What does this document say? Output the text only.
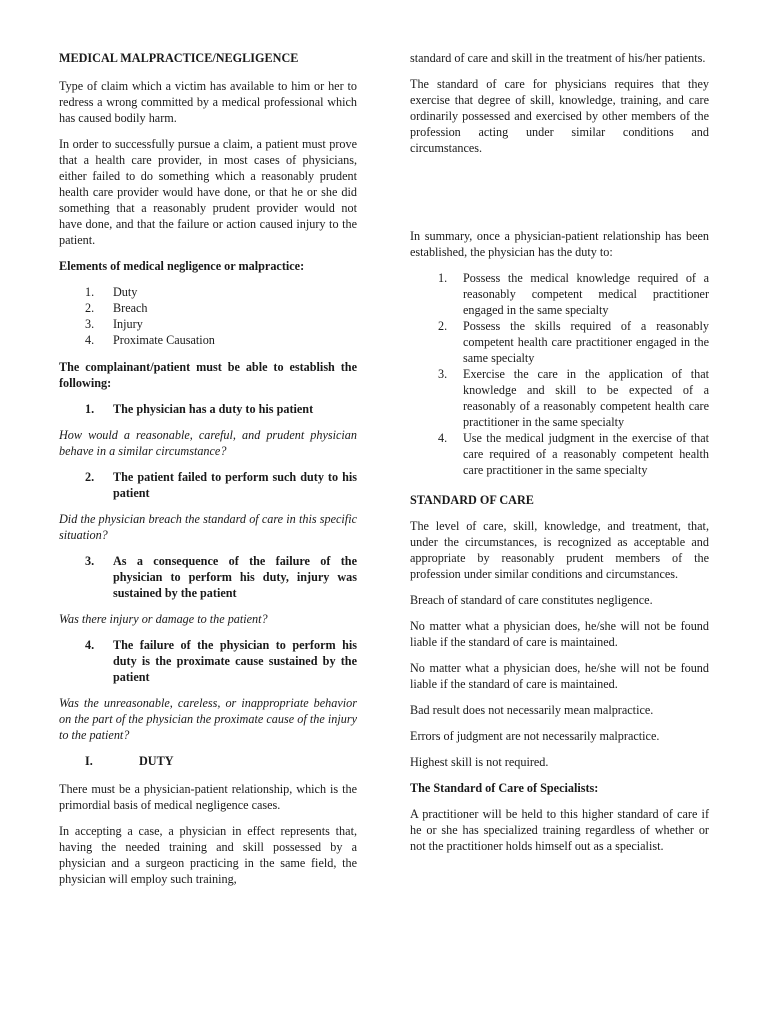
MEDICAL MALPRACTICE/NEGLIGENCE

Type of claim which a victim has available to him or her to redress a wrong committed by a medical professional which has caused bodily harm.

In order to successfully pursue a claim, a patient must prove that a health care provider, in most cases of physicians, either failed to do something which a reasonably prudent health care provider would have done, or that he or she did something that a reasonably prudent provider would not have done, and that the failure or action caused injury to the patient.

Elements of medical negligence or malpractice:

1.	Duty
2.	Breach
3.	Injury
4.	Proximate Causation

The complainant/patient must be able to establish the following:

1. The physician has a duty to his patient

How would a reasonable, careful, and prudent physician behave in a similar circumstance?

2. The patient failed to perform such duty to his patient

Did the physician breach the standard of care in this specific situation?

3. As a consequence of the failure of the physician to perform his duty, injury was sustained by the patient

Was there injury or damage to the patient?

4. The failure of the physician to perform his duty is the proximate cause sustained by the patient

Was the unreasonable, careless, or inappropriate behavior on the part of the physician the proximate cause of the injury to the patient?

I.	DUTY

There must be a physician-patient relationship, which is the primordial basis of medical negligence cases.

In accepting a case, a physician in effect represents that, having the needed training and skill possessed by a physician and a surgeon practicing in the same field, the physician will employ such training,

standard of care and skill in the treatment of his/her patients.

The standard of care for physicians requires that they exercise that degree of skill, knowledge, training, and care ordinarily possessed and exercised by other members of the profession acting under similar conditions and circumstances.

In summary, once a physician-patient relationship has been established, the physician has the duty to:

1. Possess the medical knowledge required of a reasonably competent medical practitioner engaged in the same specialty
2. Possess the skills required of a reasonably competent health care practitioner engaged in the same specialty
3. Exercise the care in the application of that knowledge and skill to be expected of a reasonably of a reasonably competent health care practitioner in the same specialty
4. Use the medical judgment in the exercise of that care required of a reasonably competent health care practitioner in the same specialty

STANDARD OF CARE

The level of care, skill, knowledge, and treatment, that, under the circumstances, is recognized as acceptable and appropriate by reasonably prudent members of the profession under similar conditions and circumstances.

Breach of standard of care constitutes negligence.

No matter what a physician does, he/she will not be found liable if the standard of care is maintained.

No matter what a physician does, he/she will not be found liable if the standard of care is maintained.

Bad result does not necessarily mean malpractice.

Errors of judgment are not necessarily malpractice.

Highest skill is not required.

The Standard of Care of Specialists:

A practitioner will be held to this higher standard of care if he or she has specialized training regardless of whether or not the practitioner holds himself out as a specialist.
